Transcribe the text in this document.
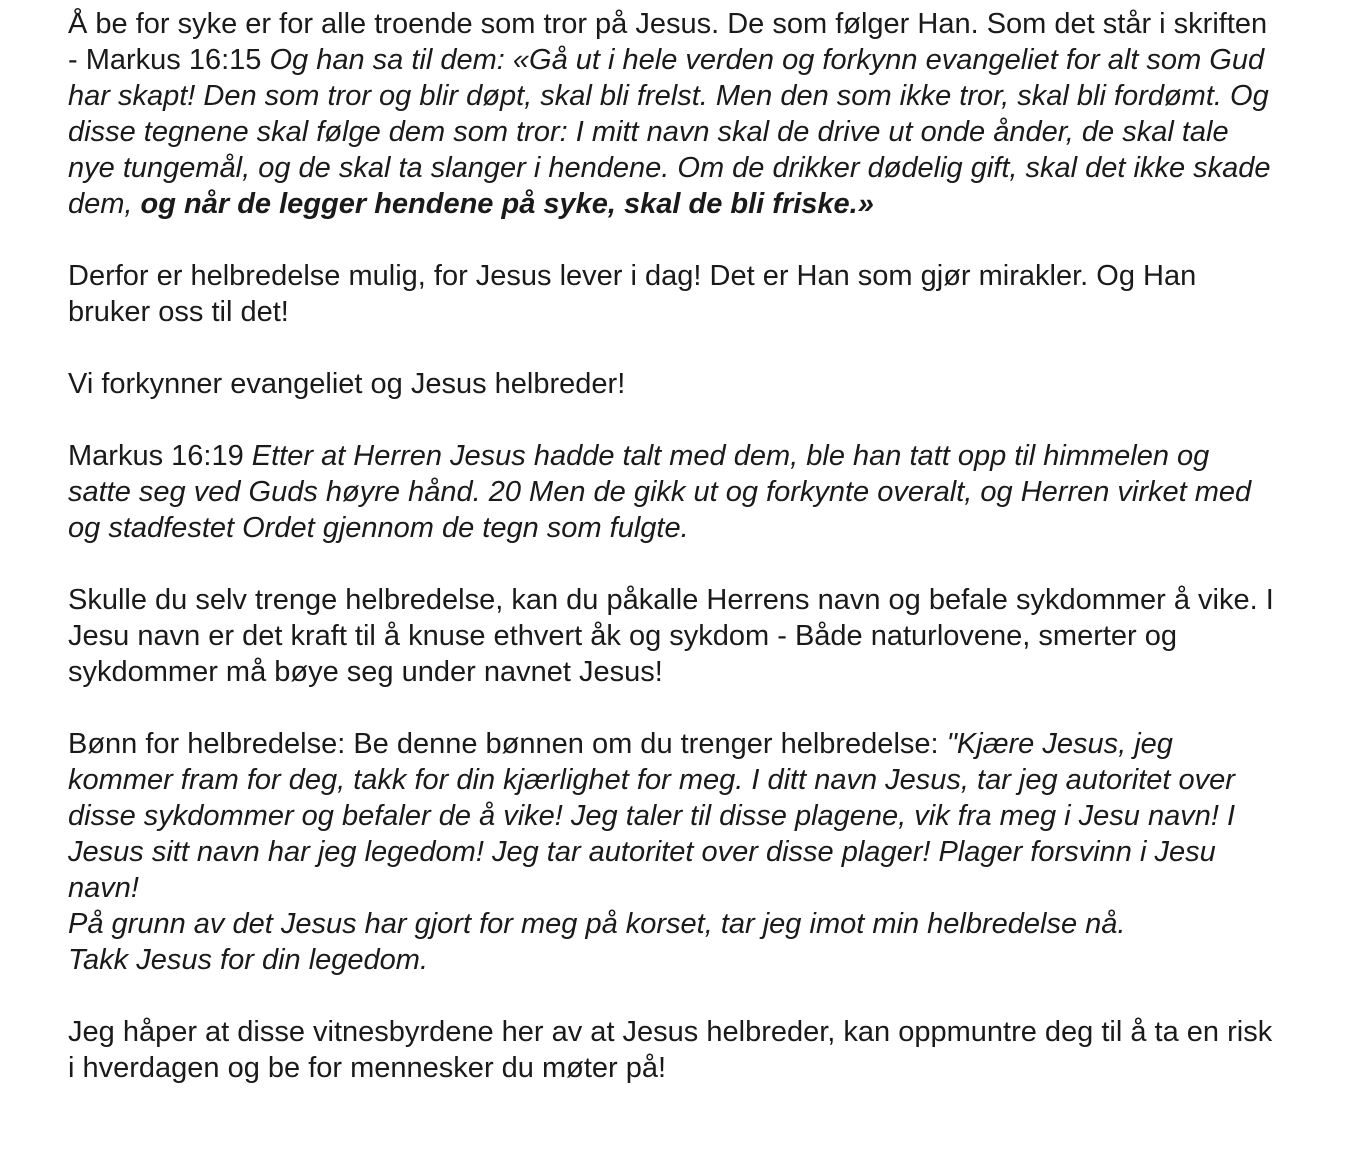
Å be for syke er for alle troende som tror på Jesus. De som følger Han. Som det står i skriften - Markus 16:15 Og han sa til dem: «Gå ut i hele verden og forkynn evangeliet for alt som Gud har skapt! Den som tror og blir døpt, skal bli frelst. Men den som ikke tror, skal bli fordømt. Og disse tegnene skal følge dem som tror: I mitt navn skal de drive ut onde ånder, de skal tale nye tungemål, og de skal ta slanger i hendene. Om de drikker dødelig gift, skal det ikke skade dem, og når de legger hendene på syke, skal de bli friske.»

Derfor er helbredelse mulig, for Jesus lever i dag! Det er Han som gjør mirakler. Og Han bruker oss til det!

Vi forkynner evangeliet og Jesus helbreder!

Markus 16:19 Etter at Herren Jesus hadde talt med dem, ble han tatt opp til himmelen og satte seg ved Guds høyre hånd. 20 Men de gikk ut og forkynte overalt, og Herren virket med og stadfestet Ordet gjennom de tegn som fulgte.

Skulle du selv trenge helbredelse, kan du påkalle Herrens navn og befale sykdommer å vike. I Jesu navn er det kraft til å knuse ethvert åk og sykdom - Både naturlovene, smerter og sykdommer må bøye seg under navnet Jesus!

Bønn for helbredelse: Be denne bønnen om du trenger helbredelse: "Kjære Jesus, jeg kommer fram for deg, takk for din kjærlighet for meg. I ditt navn Jesus, tar jeg autoritet over disse sykdommer og befaler de å vike! Jeg taler til disse plagene, vik fra meg i Jesu navn! I Jesus sitt navn har jeg legedom! Jeg tar autoritet over disse plager! Plager forsvinn i Jesu navn!
På grunn av det Jesus har gjort for meg på korset, tar jeg imot min helbredelse nå.
Takk Jesus for din legedom.

Jeg håper at disse vitnesbyrdene her av at Jesus helbreder, kan oppmuntre deg til å ta en risk i hverdagen og be for mennesker du møter på!
